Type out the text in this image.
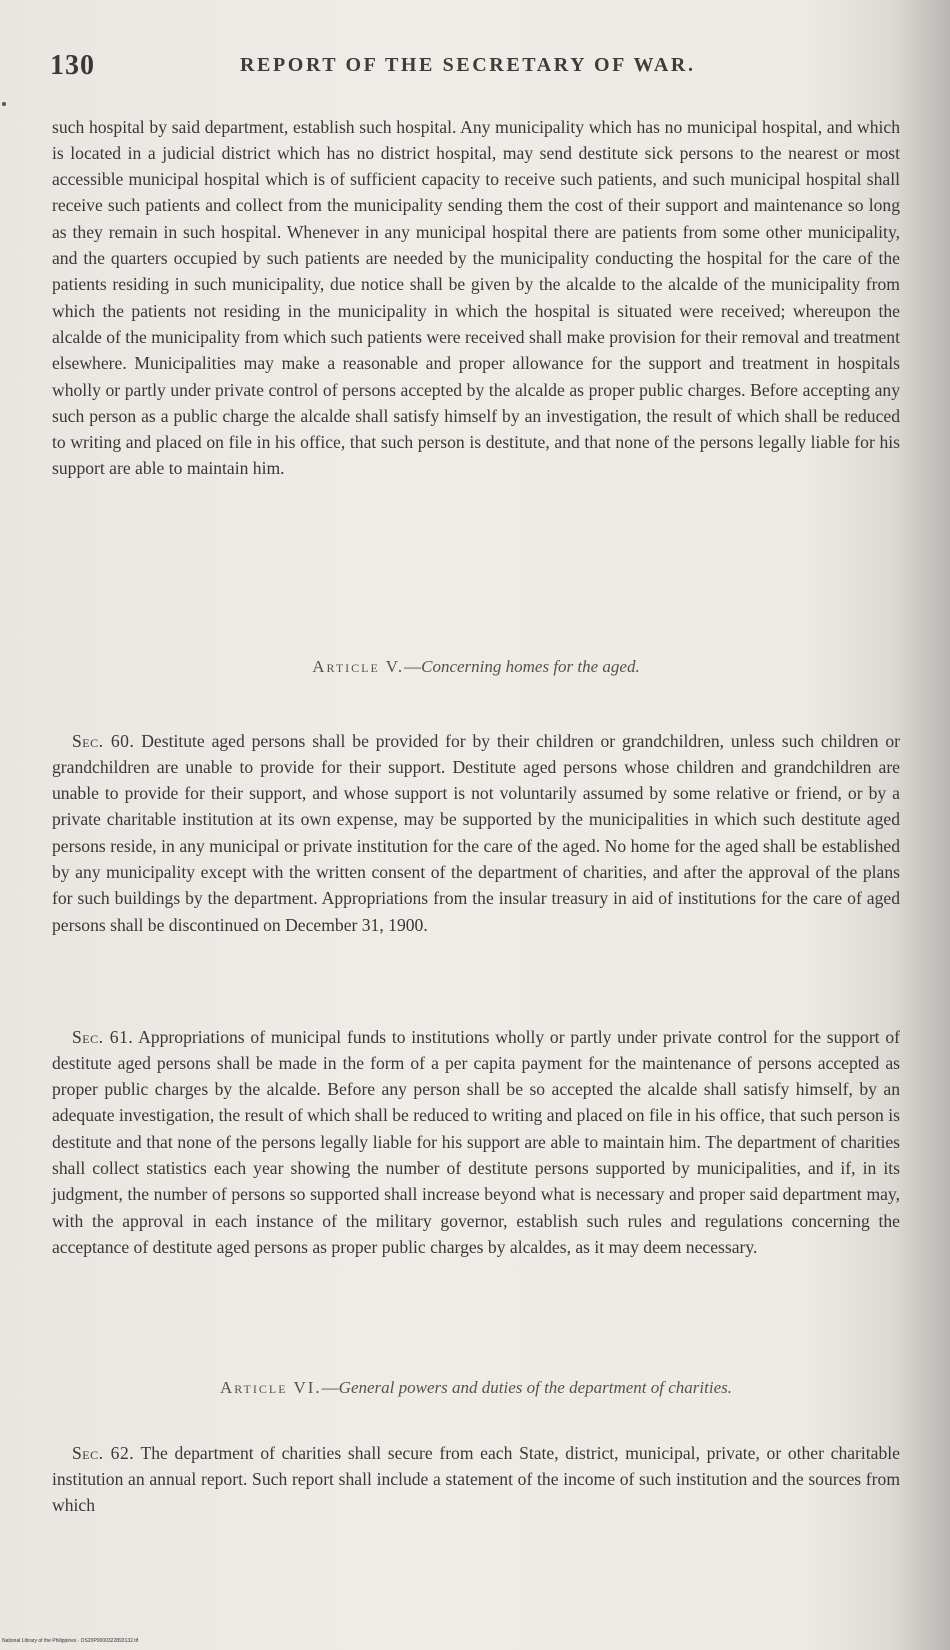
130	REPORT OF THE SECRETARY OF WAR.

such hospital by said department, establish such hospital. Any municipality which has no municipal hospital, and which is located in a judicial district which has no district hospital, may send destitute sick persons to the nearest or most accessible municipal hospital which is of sufficient capacity to receive such patients, and such municipal hospital shall receive such patients and collect from the municipality sending them the cost of their support and maintenance so long as they remain in such hospital. Whenever in any municipal hospital there are patients from some other municipality, and the quarters occupied by such patients are needed by the municipality conducting the hospital for the care of the patients residing in such municipality, due notice shall be given by the alcalde to the alcalde of the municipality from which the patients not residing in the municipality in which the hospital is situated were received; whereupon the alcalde of the municipality from which such patients were received shall make provision for their removal and treatment elsewhere. Municipalities may make a reasonable and proper allowance for the support and treatment in hospitals wholly or partly under private control of persons accepted by the alcalde as proper public charges. Before accepting any such person as a public charge the alcalde shall satisfy himself by an investigation, the result of which shall be reduced to writing and placed on file in his office, that such person is destitute, and that none of the persons legally liable for his support are able to maintain him.

Article V.—Concerning homes for the aged.

Sec. 60. Destitute aged persons shall be provided for by their children or grandchildren, unless such children or grandchildren are unable to provide for their support. Destitute aged persons whose children and grandchildren are unable to provide for their support, and whose support is not voluntarily assumed by some relative or friend, or by a private charitable institution at its own expense, may be supported by the municipalities in which such destitute aged persons reside, in any municipal or private institution for the care of the aged. No home for the aged shall be established by any municipality except with the written consent of the department of charities, and after the approval of the plans for such buildings by the department. Appropriations from the insular treasury in aid of institutions for the care of aged persons shall be discontinued on December 31, 1900.

Sec. 61. Appropriations of municipal funds to institutions wholly or partly under private control for the support of destitute aged persons shall be made in the form of a per capita payment for the maintenance of persons accepted as proper public charges by the alcalde. Before any person shall be so accepted the alcalde shall satisfy himself, by an adequate investigation, the result of which shall be reduced to writing and placed on file in his office, that such person is destitute and that none of the persons legally liable for his support are able to maintain him. The department of charities shall collect statistics each year showing the number of destitute persons supported by municipalities, and if, in its judgment, the number of persons so supported shall increase beyond what is necessary and proper said department may, with the approval in each instance of the military governor, establish such rules and regulations concerning the acceptance of destitute aged persons as proper public charges by alcaldes, as it may deem necessary.

Article VI.—General powers and duties of the department of charities.

Sec. 62. The department of charities shall secure from each State, district, municipal, private, or other charitable institution an annual report. Such report shall include a statement of the income of such institution and the sources from which

National Library of the Philippines · DS20P0000322893132.tif
